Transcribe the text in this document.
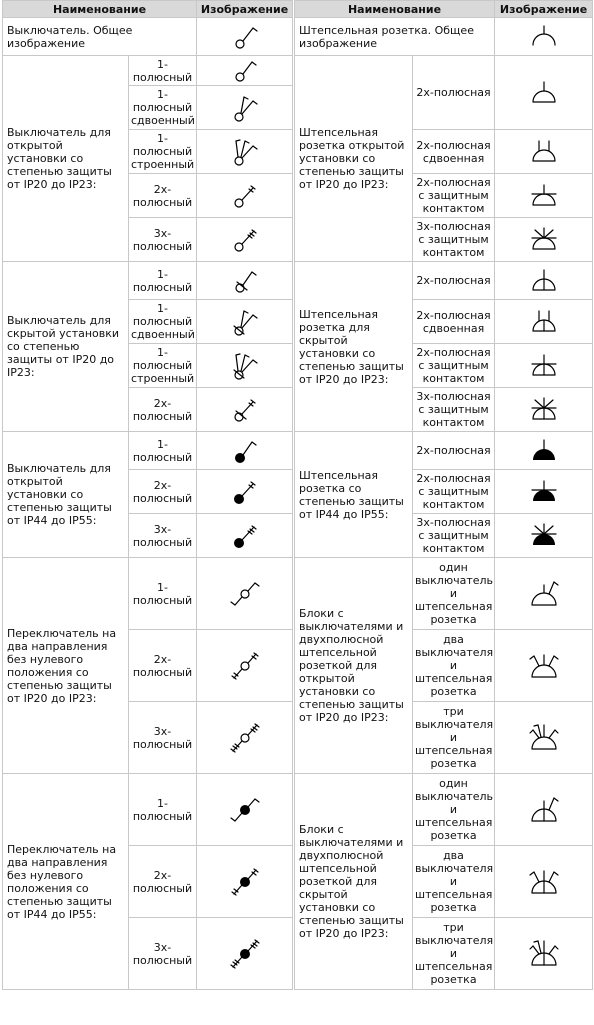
Наименование		Изображение
Выключатель. Общее изображение	

Выключатель для открытой установки со степенью защиты от IP20 до IP23:	1-полюсный	

	1-полюсный сдвоенный	

	1-полюсный строенный	

	2х-полюсный	

	3х-полюсный	

Выключатель для скрытой установки со степенью защиты от IP20 до IP23:	1-полюсный	

	1-полюсный сдвоенный	

	1-полюсный строенный	

	2х-полюсный	

Выключатель для открытой установки со степенью защиты от IP44 до IP55:	1-полюсный	

	2х-полюсный	

	3х-полюсный	

Переключатель на два направления без нулевого положения со степенью защиты от IP20 до IP23:	1-полюсный	

	2х-полюсный	

	3х-полюсный	

Переключатель на два направления без нулевого положения со степенью защиты от IP44 до IP55:	1-полюсный	

	2х-полюсный	

	3х-полюсный	
Наименование		Изображение
Штепсельная розетка. Общее изображение	

Штепсельная розетка открытой установки со степенью защиты от IP20 до IP23:	2х-полюсная	

	2х-полюсная сдвоенная	

	2х-полюсная с защитным контактом	

	3х-полюсная с защитным контактом	

Штепсельная розетка для скрытой установки со степенью защиты от IP20 до IP23:	2х-полюсная	

	2х-полюсная сдвоенная	

	2х-полюсная с защитным контактом	

	3х-полюсная с защитным контактом	

Штепсельная розетка со степенью защиты от IP44 до IP55:	2х-полюсная	

	2х-полюсная с защитным контактом	

	3х-полюсная с защитным контактом	

Блоки с выключателями и двухполюсной штепсельной розеткой для открытой установки со степенью защиты от IP20 до IP23:	один выключатель и штепсельная розетка	

	два выключателя и штепсельная розетка	

	три выключателя и штепсельная розетка	

Блоки с выключателями и двухполюсной штепсельной розеткой для скрытой установки со степенью защиты от IP20 до IP23:	один выключатель и штепсельная розетка	

	два выключателя и штепсельная розетка	

	три выключателя и штепсельная розетка	
